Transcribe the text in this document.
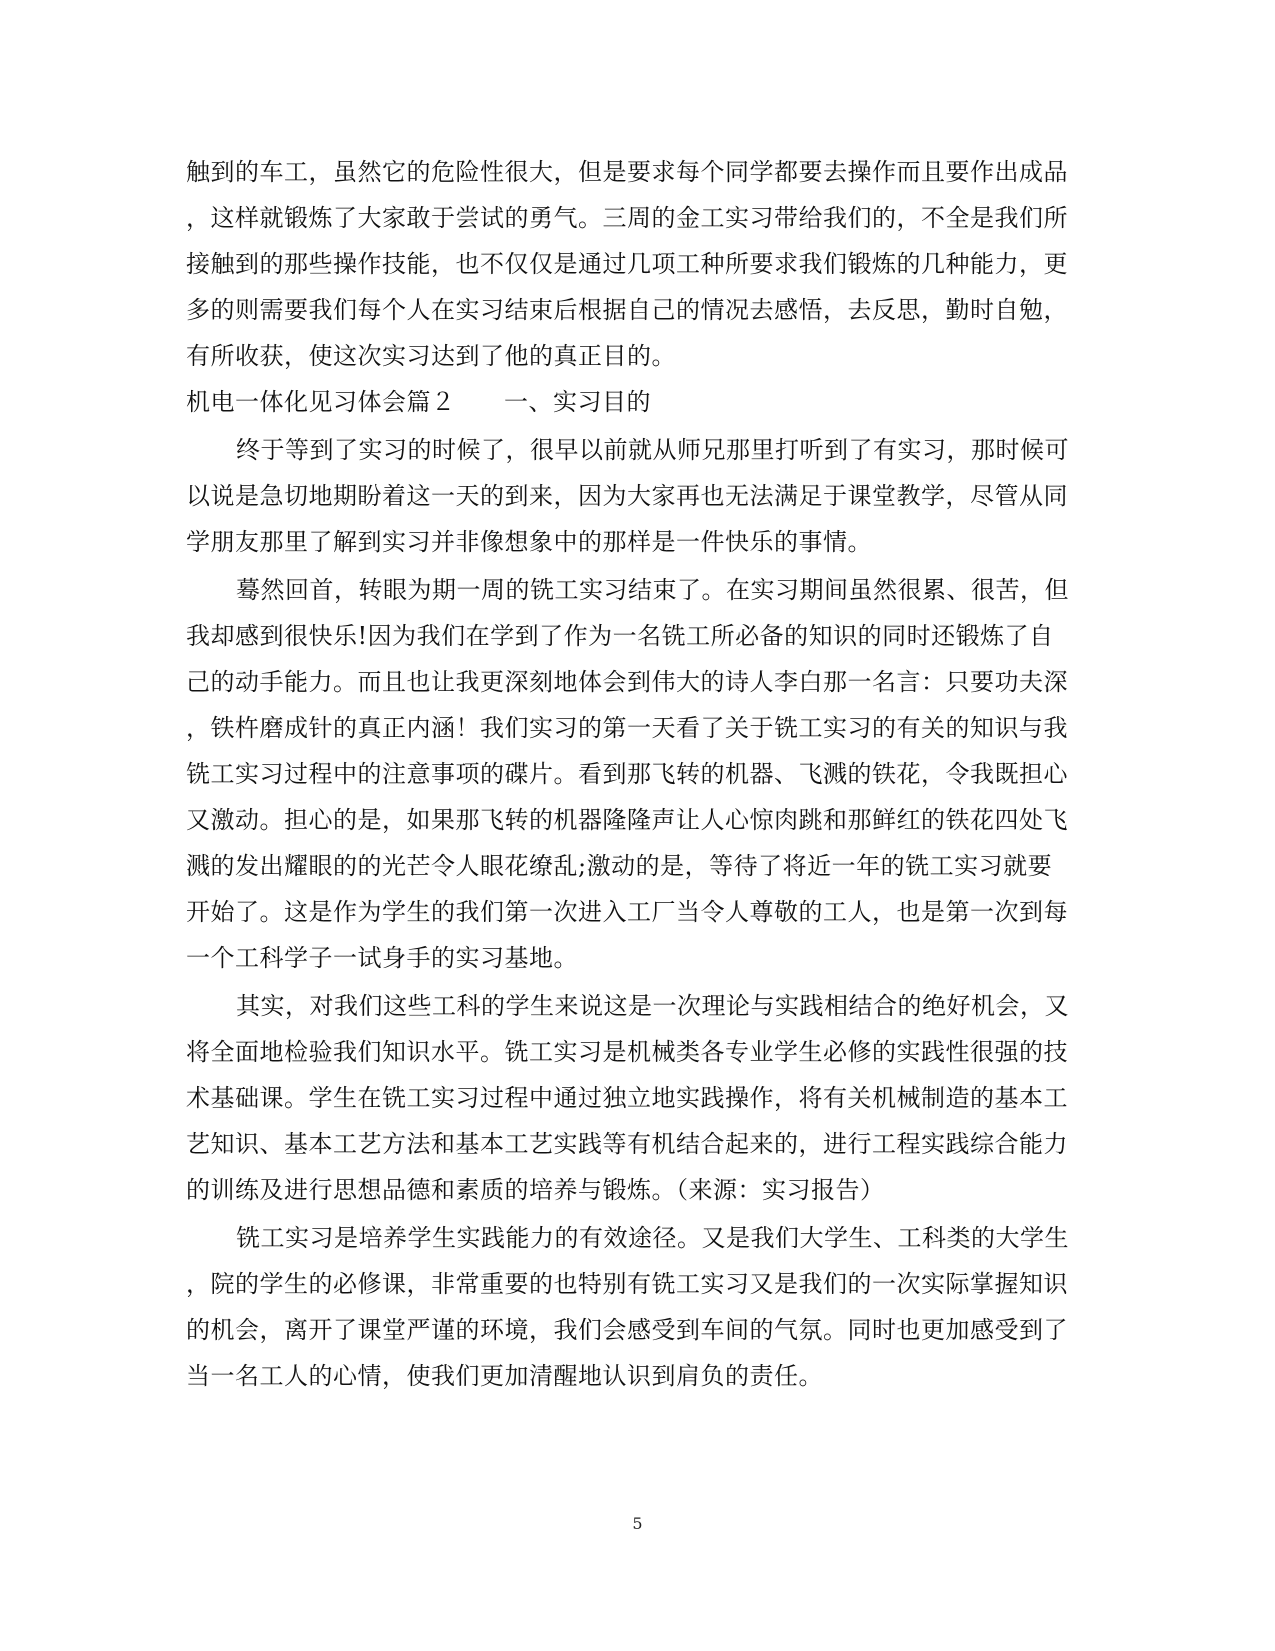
触到的车工，虽然它的危险性很大，但是要求每个同学都要去操作而且要作出成品

，这样就锻炼了大家敢于尝试的勇气。三周的金工实习带给我们的，不全是我们所

接触到的那些操作技能，也不仅仅是通过几项工种所要求我们锻炼的几种能力，更

多的则需要我们每个人在实习结束后根据自己的情况去感悟，去反思，勤时自勉，

有所收获，使这次实习达到了他的真正目的。

机电一体化见习体会篇２ 一、实习目的

终于等到了实习的时候了，很早以前就从师兄那里打听到了有实习，那时候可

以说是急切地期盼着这一天的到来，因为大家再也无法满足于课堂教学，尽管从同

学朋友那里了解到实习并非像想象中的那样是一件快乐的事情。

蓦然回首，转眼为期一周的铣工实习结束了。在实习期间虽然很累、很苦，但

我却感到很快乐!因为我们在学到了作为一名铣工所必备的知识的同时还锻炼了自

己的动手能力。而且也让我更深刻地体会到伟大的诗人李白那一名言：只要功夫深

，铁杵磨成针的真正内涵！我们实习的第一天看了关于铣工实习的有关的知识与我

铣工实习过程中的注意事项的碟片。看到那飞转的机器、飞溅的铁花，令我既担心

又激动。担心的是，如果那飞转的机器隆隆声让人心惊肉跳和那鲜红的铁花四处飞

溅的发出耀眼的的光芒令人眼花缭乱;激动的是，等待了将近一年的铣工实习就要

开始了。这是作为学生的我们第一次进入工厂当令人尊敬的工人，也是第一次到每

一个工科学子一试身手的实习基地。

其实，对我们这些工科的学生来说这是一次理论与实践相结合的绝好机会，又

将全面地检验我们知识水平。铣工实习是机械类各专业学生必修的实践性很强的技

术基础课。学生在铣工实习过程中通过独立地实践操作，将有关机械制造的基本工

艺知识、基本工艺方法和基本工艺实践等有机结合起来的，进行工程实践综合能力

的训练及进行思想品德和素质的培养与锻炼。（来源：实习报告）

铣工实习是培养学生实践能力的有效途径。又是我们大学生、工科类的大学生

，院的学生的必修课，非常重要的也特别有铣工实习又是我们的一次实际掌握知识

的机会，离开了课堂严谨的环境，我们会感受到车间的气氛。同时也更加感受到了

当一名工人的心情，使我们更加清醒地认识到肩负的责任。

5
